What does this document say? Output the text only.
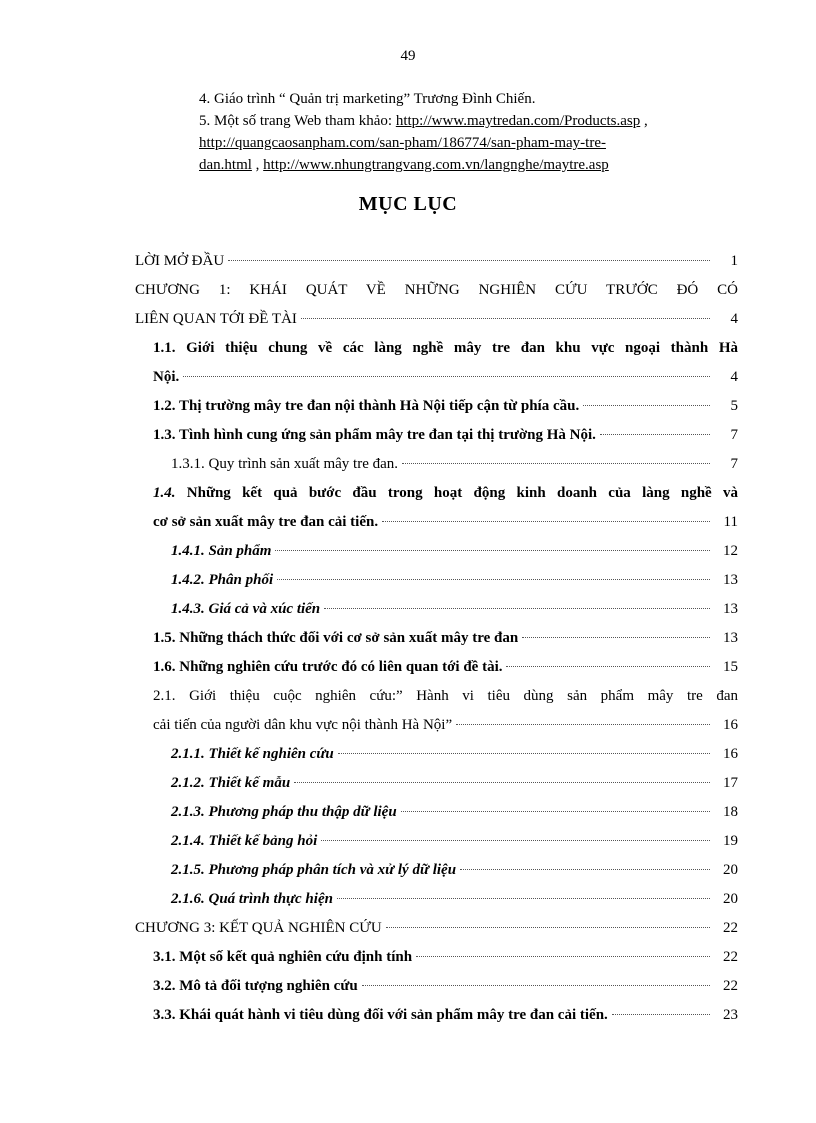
49
4. Giáo trình “ Quản trị marketing” Trương Đình Chiến.
5. Một số trang Web tham khảo: http://www.maytredan.com/Products.asp ,
http://quangcaosanpham.com/san-pham/186774/san-pham-may-tre-
dan.html , http://www.nhungtrangvang.com.vn/langnghe/maytre.asp
MỤC LỤC
LỜI MỞ ĐẦU	1
CHƯƠNG 1: KHÁI QUÁT VỀ NHỮNG NGHIÊN CỨU TRƯỚC ĐÓ CÓ
LIÊN QUAN TỚI ĐỀ TÀI	4
1.1. Giới thiệu chung về các làng nghề mây tre đan khu vực ngoại thành Hà
Nội.	4
1.2. Thị trường mây tre đan nội thành Hà Nội tiếp cận từ phía cầu.	5
1.3. Tình hình cung ứng sản phẩm mây tre đan tại thị trường Hà Nội.	7
1.3.1. Quy trình sản xuất mây tre đan.	7
1.4. Những kết quả bước đầu trong hoạt động kinh doanh của làng nghề và
cơ sở sản xuất mây tre đan cải tiến.	11
1.4.1. Sản phẩm	12
1.4.2. Phân phối	13
1.4.3. Giá cả và xúc tiến	13
1.5. Những thách thức đối với cơ sở sản xuất mây tre đan	13
1.6. Những nghiên cứu trước đó có liên quan tới đề tài.	15
2.1. Giới thiệu cuộc nghiên cứu:” Hành vi tiêu dùng sản phẩm mây tre đan
cải tiến của người dân khu vực nội thành Hà Nội”	16
2.1.1. Thiết kế nghiên cứu	16
2.1.2. Thiết kế mẫu	17
2.1.3. Phương pháp thu thập dữ liệu	18
2.1.4. Thiết kế bảng hỏi	19
2.1.5. Phương pháp phân tích và xử lý dữ liệu	20
2.1.6. Quá trình thực hiện	20
CHƯƠNG 3: KẾT QUẢ NGHIÊN CỨU	22
3.1. Một số kết quả nghiên cứu định tính	22
3.2. Mô tả đối tượng nghiên cứu	22
3.3. Khái quát hành vi tiêu dùng đối với sản phẩm mây tre đan cải tiến.	23
